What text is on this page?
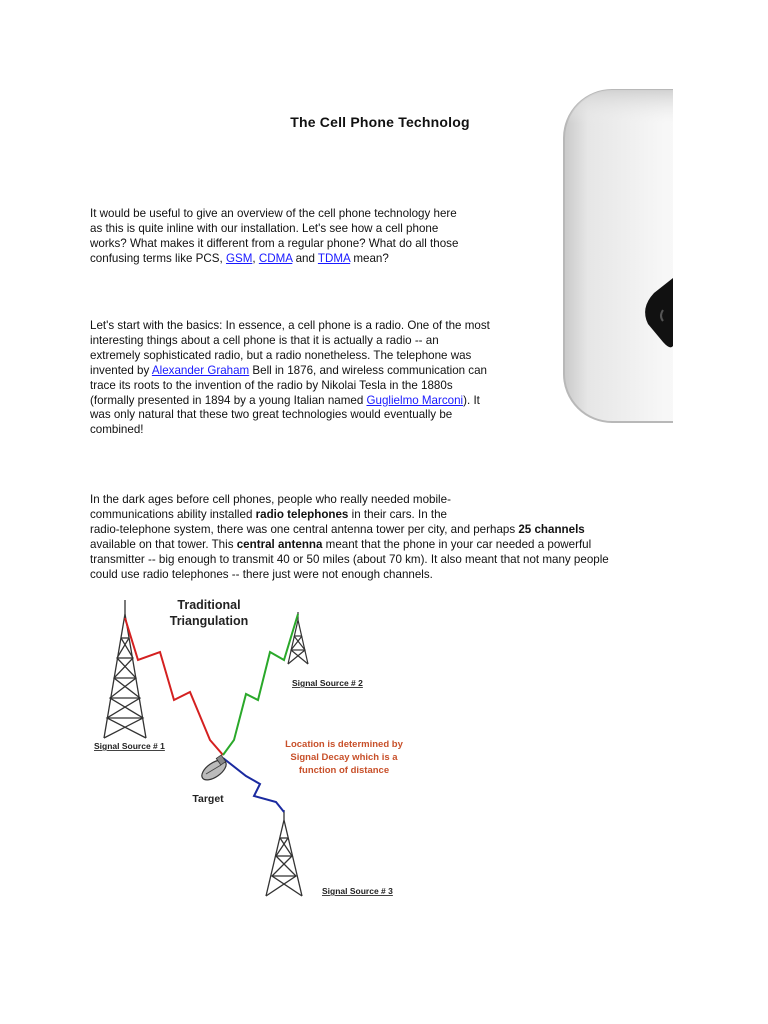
The Cell Phone Technolog

It would be useful to give an overview of the cell phone technology here as this is quite inline with our installation. Let's see how a cell phone works? What makes it different from a regular phone? What do all those confusing terms like PCS, GSM, CDMA and TDMA mean?

Let's start with the basics: In essence, a cell phone is a radio. One of the most interesting things about a cell phone is that it is actually a radio -- an extremely sophisticated radio, but a radio nonetheless. The telephone was invented by Alexander Graham Bell in 1876, and wireless communication can trace its roots to the invention of the radio by Nikolai Tesla in the 1880s (formally presented in 1894 by a young Italian named Guglielmo Marconi). It was only natural that these two great technologies would eventually be combined!

In the dark ages before cell phones, people who really needed mobile-
communications ability installed radio telephones in their cars. In the
radio-telephone system, there was one central antenna tower per city, and perhaps 25 channels
available on that tower. This central antenna meant that the phone in your car needed a powerful
transmitter -- big enough to transmit 40 or 50 miles (about 70 km). It also meant that not many people
could use radio telephones -- there just were not enough channels.

Traditional
Triangulation
Target
Signal Source # 1
Signal Source # 2
Signal Source # 3
Location is determined by
Signal Decay which is a
function of distance
